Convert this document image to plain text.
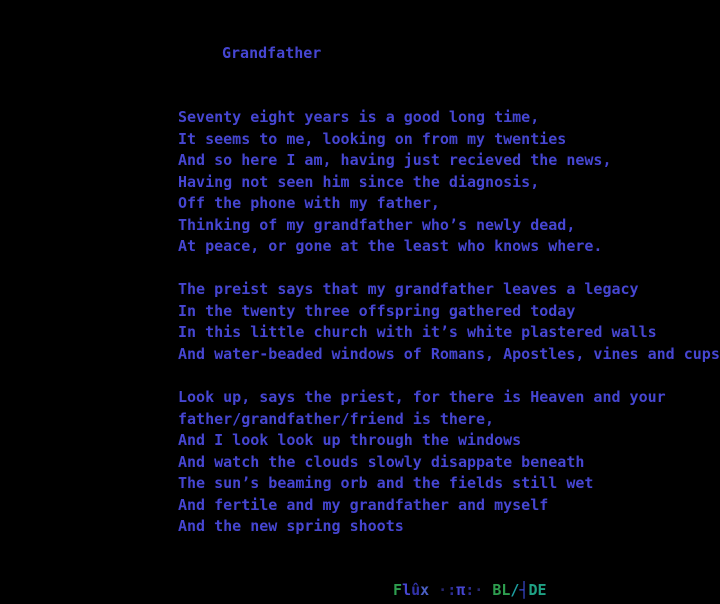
Grandfather

Seventy eight years is a good long time,
It seems to me, looking on from my twenties
And so here I am, having just recieved the news,
Having not seen him since the diagnosis,
Off the phone with my father,
Thinking of my grandfather who’s newly dead,
At peace, or gone at the least who knows where.

The preist says that my grandfather leaves a legacy
In the twenty three offspring gathered today
In this little church with it’s white plastered walls
And water-beaded windows of Romans, Apostles, vines and cups

Look up, says the priest, for there is Heaven and your
father/grandfather/friend is there,
And I look look up through the windows
And watch the clouds slowly disappate beneath
The sun’s beaming orb and the fields still wet
And fertile and my grandfather and myself
And the new spring shoots

Flûx ·:π:· BL/┤DE
